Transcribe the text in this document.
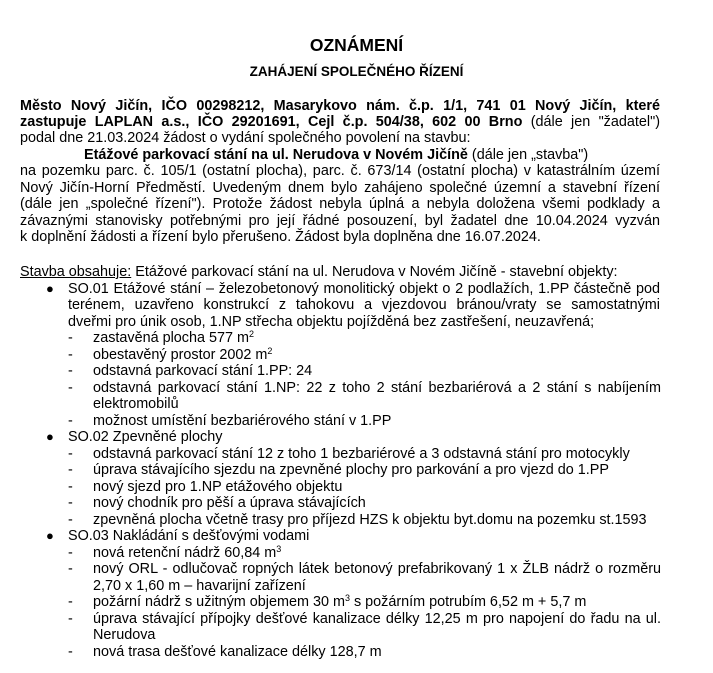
OZNÁMENÍ
ZAHÁJENÍ SPOLEČNÉHO ŘÍZENÍ
Město Nový Jičín, IČO 00298212, Masarykovo nám. č.p. 1/1, 741 01 Nový Jičín, které
zastupuje LAPLAN a.s., IČO 29201691, Cejl č.p. 504/38, 602 00 Brno (dále jen "žadatel")
podal dne 21.03.2024 žádost o vydání společného povolení na stavbu:
Etážové parkovací stání na ul. Nerudova v Novém Jičíně (dále jen „stavba")
na pozemku parc. č. 105/1 (ostatní plocha), parc. č. 673/14 (ostatní plocha) v katastrálním území
Nový Jičín-Horní Předměstí. Uvedeným dnem bylo zahájeno společné územní a stavební řízení
(dále jen „společné řízení"). Protože žádost nebyla úplná a nebyla doložena všemi podklady a
závaznými stanovisky potřebnými pro její řádné posouzení, byl žadatel dne 10.04.2024 vyzván
k doplnění žádosti a řízení bylo přerušeno. Žádost byla doplněna dne 16.07.2024.
Stavba obsahuje: Etážové parkovací stání na ul. Nerudova v Novém Jičíně - stavební objekty:
● SO.01 Etážové stání – železobetonový monolitický objekt o 2 podlažích, 1.PP částečně pod
terénem, uzavřeno konstrukcí z tahokovu a vjezdovou bránou/vraty se samostatnými
dveřmi pro únik osob, 1.NP střecha objektu pojížděná bez zastřešení, neuzavřená;
- zastavěná plocha 577 $m^2$
- obestavěný prostor 2002 $m^2$
- odstavná parkovací stání 1.PP: 24
- odstavná parkovací stání 1.NP: 22 z toho 2 stání bezbariérová a 2 stání s nabíjením
elektromobilů
- možnost umístění bezbariérového stání v 1.PP
● SO.02 Zpevněné plochy
- odstavná parkovací stání 12 z toho 1 bezbariérové a 3 odstavná stání pro motocykly
- úprava stávajícího sjezdu na zpevněné plochy pro parkování a pro vjezd do 1.PP
- nový sjezd pro 1.NP etážového objektu
- nový chodník pro pěší a úprava stávajících
- zpevněná plocha včetně trasy pro příjezd HZS k objektu byt.domu na pozemku st.1593
● SO.03 Nakládání s dešťovými vodami
- nová retenční nádrž 60,84 $m^3$
- nový ORL - odlučovač ropných látek betonový prefabrikovaný 1 x ŽLB nádrž o rozměru
2,70 x 1,60 m – havarijní zařízení
- požární nádrž s užitným objemem 30 $m^3$ s požárním potrubím 6,52 m + 5,7 m
- úprava stávající přípojky dešťové kanalizace délky 12,25 m pro napojení do řadu na ul.
Nerudova
- nová trasa dešťové kanalizace délky 128,7 m
